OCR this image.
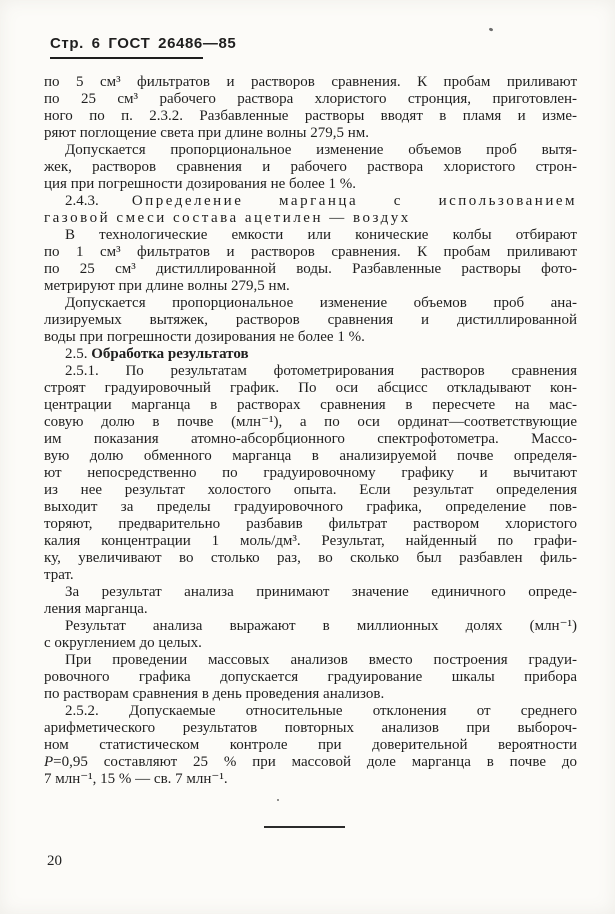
Стр. 6 ГОСТ 26486—85
по 5 см³ фильтратов и растворов сравнения. К пробам приливают
по 25 см³ рабочего раствора хлористого стронция, приготовлен-
ного по п. 2.3.2. Разбавленные растворы вводят в пламя и изме-
ряют поглощение света при длине волны 279,5 нм.
Допускается пропорциональное изменение объемов проб вытя-
жек, растворов сравнения и рабочего раствора хлористого строн-
ция при погрешности дозирования не более 1 %.
2.4.3. Определение марганца с использованием
газовой смеси состава ацетилен — воздух
В технологические емкости или конические колбы отбирают
по 1 см³ фильтратов и растворов сравнения. К пробам приливают
по 25 см³ дистиллированной воды. Разбавленные растворы фото-
метрируют при длине волны 279,5 нм.
Допускается пропорциональное изменение объемов проб ана-
лизируемых вытяжек, растворов сравнения и дистиллированной
воды при погрешности дозирования не более 1 %.
2.5. Обработка результатов
2.5.1. По результатам фотометрирования растворов сравнения
строят градуировочный график. По оси абсцисс откладывают кон-
центрации марганца в растворах сравнения в пересчете на мас-
совую долю в почве (млн⁻¹), а по оси ординат—соответствующие
им показания атомно-абсорбционного спектрофотометра. Массо-
вую долю обменного марганца в анализируемой почве определя-
ют непосредственно по градуировочному графику и вычитают
из нее результат холостого опыта. Если результат определения
выходит за пределы градуировочного графика, определение пов-
торяют, предварительно разбавив фильтрат раствором хлористого
калия концентрации 1 моль/дм³. Результат, найденный по графи-
ку, увеличивают во столько раз, во сколько был разбавлен филь-
трат.
За результат анализа принимают значение единичного опреде-
ления марганца.
Результат анализа выражают в миллионных долях (млн⁻¹)
с округлением до целых.
При проведении массовых анализов вместо построения градуи-
ровочного графика допускается градуирование шкалы прибора
по растворам сравнения в день проведения анализов.
2.5.2. Допускаемые относительные отклонения от среднего
арифметического результатов повторных анализов при выбороч-
ном статистическом контроле при доверительной вероятности
Р=0,95 составляют 25 % при массовой доле марганца в почве до
7 млн⁻¹, 15 % — св. 7 млн⁻¹.
20
